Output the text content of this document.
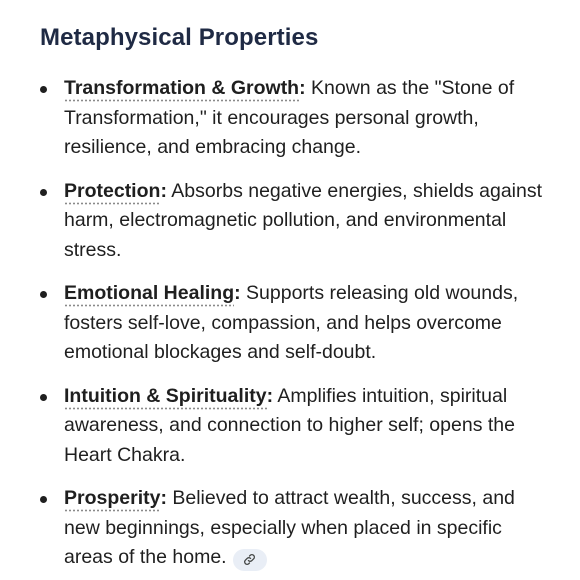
Metaphysical Properties
Transformation & Growth: Known as the "Stone of Transformation," it encourages personal growth, resilience, and embracing change.
Protection: Absorbs negative energies, shields against harm, electromagnetic pollution, and environmental stress.
Emotional Healing: Supports releasing old wounds, fosters self-love, compassion, and helps overcome emotional blockages and self-doubt.
Intuition & Spirituality: Amplifies intuition, spiritual awareness, and connection to higher self; opens the Heart Chakra.
Prosperity: Believed to attract wealth, success, and new beginnings, especially when placed in specific areas of the home.
